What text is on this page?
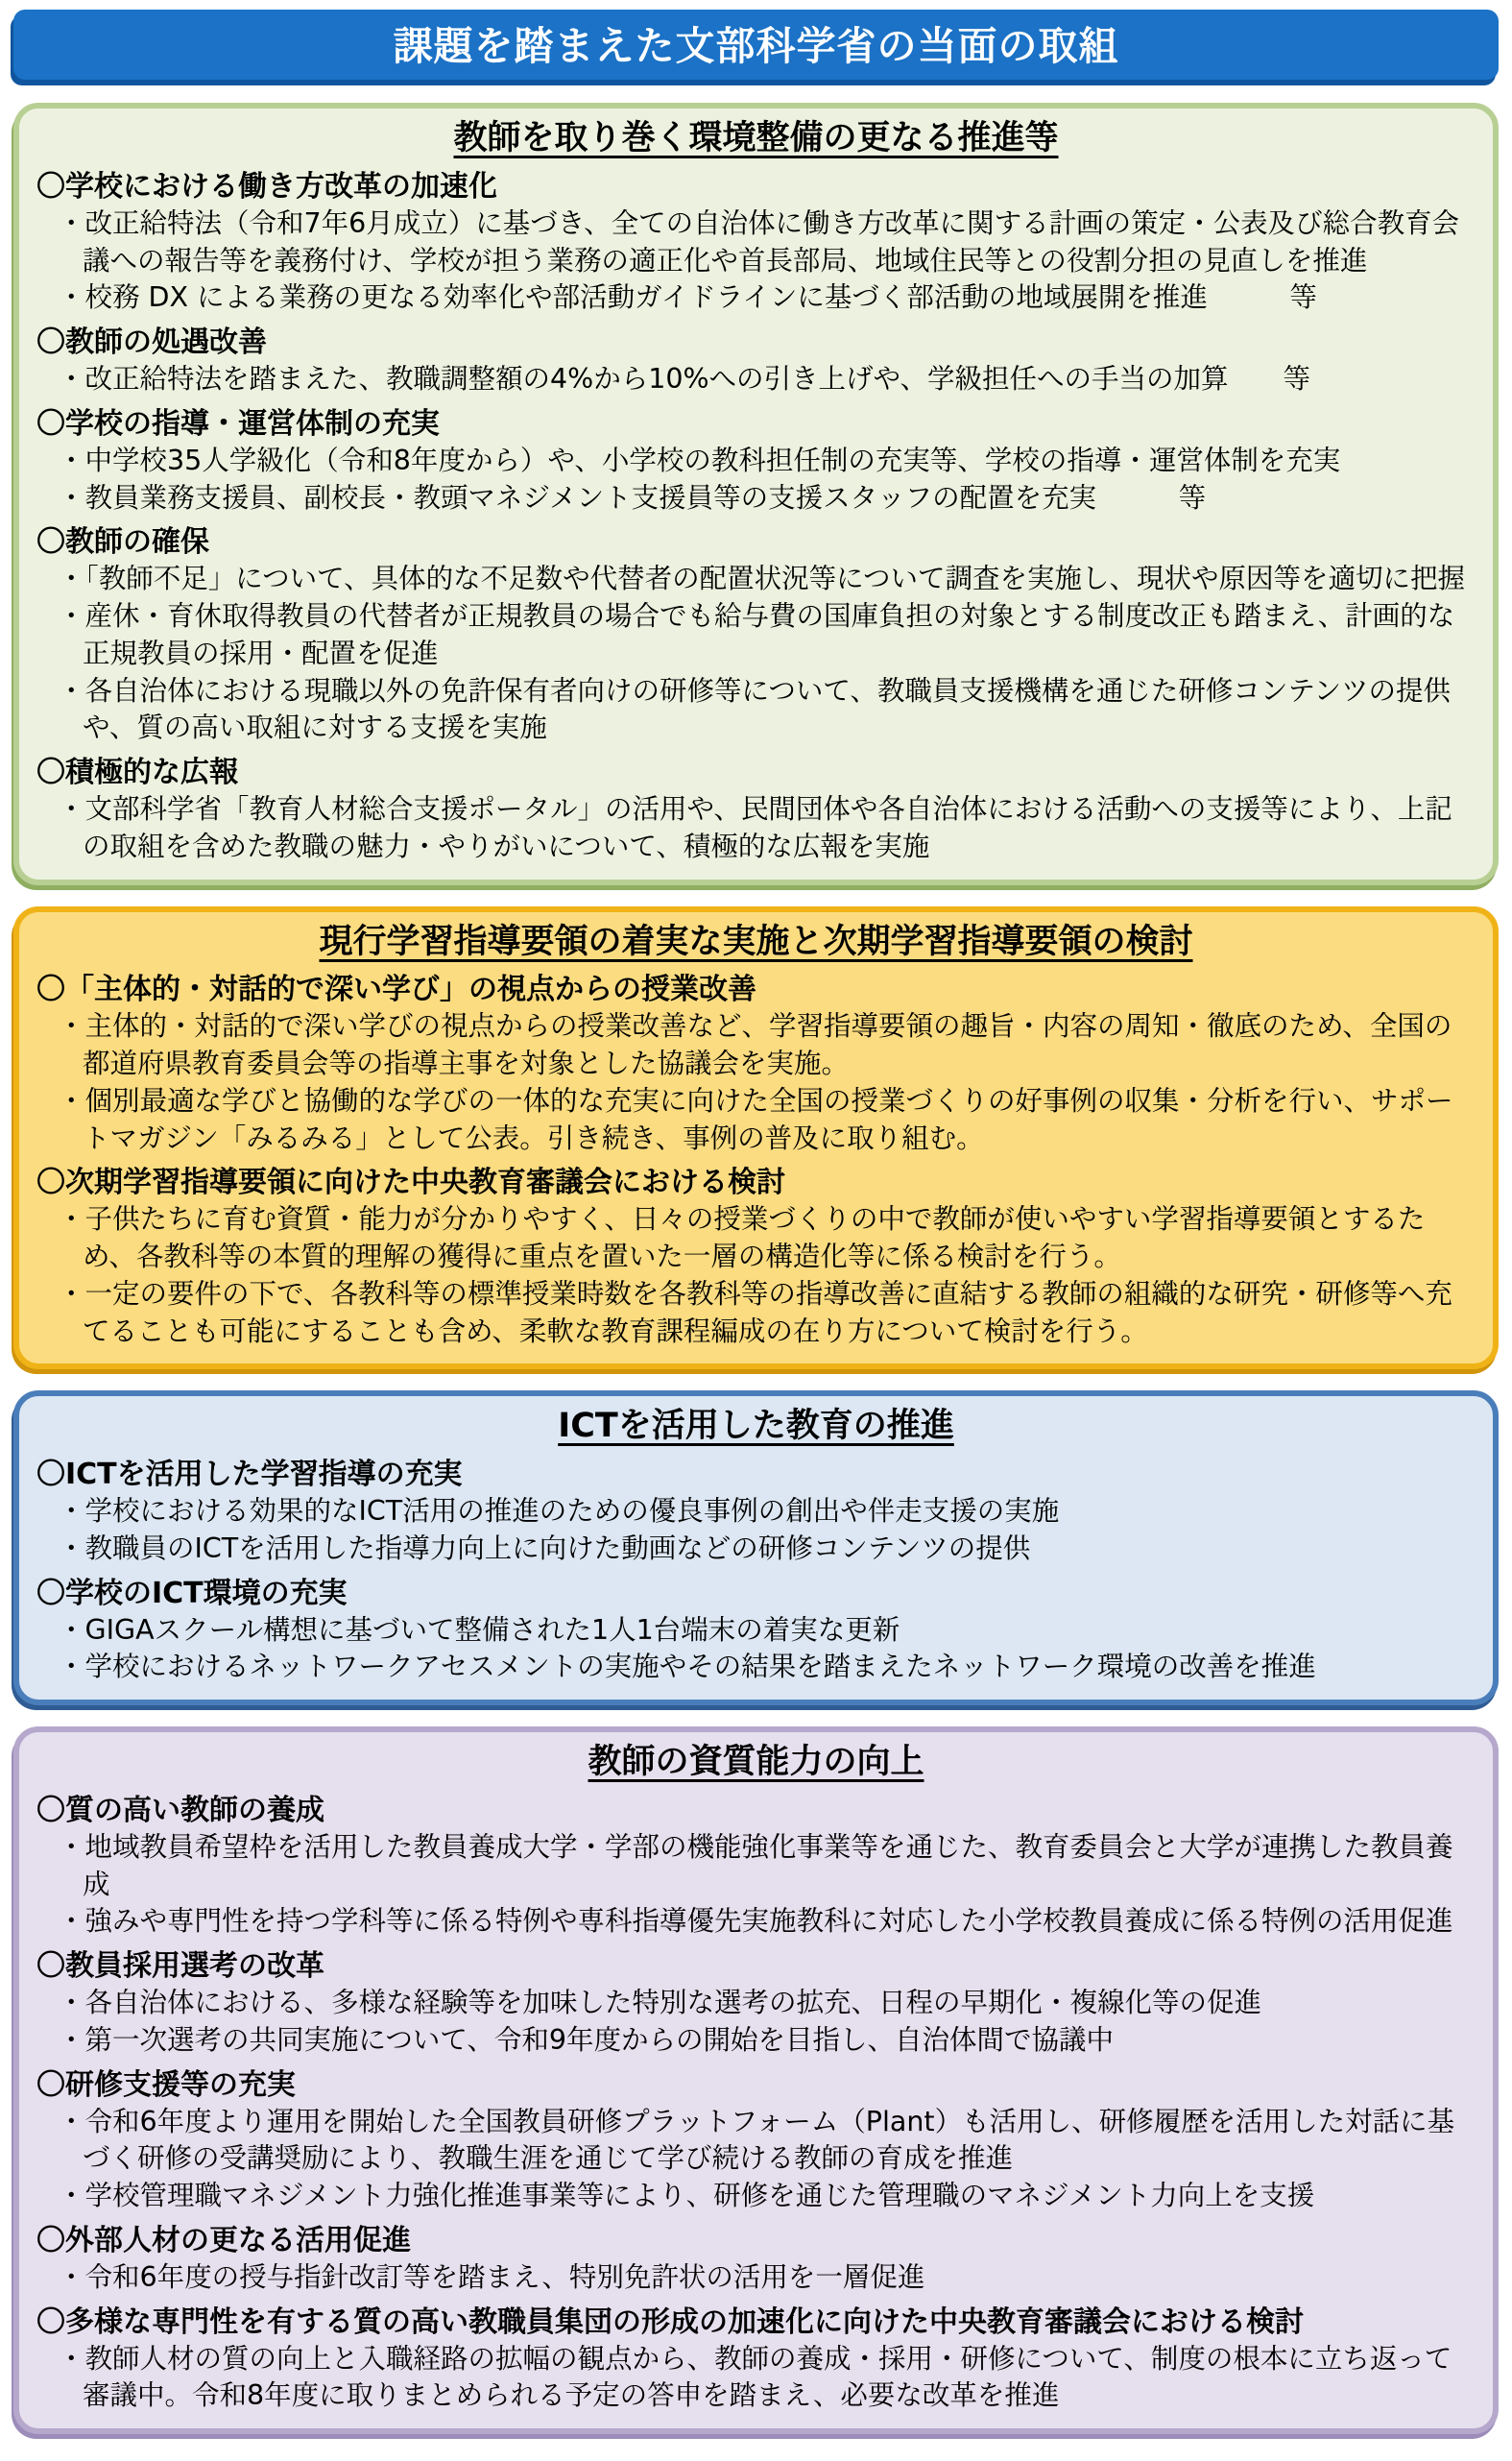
課題を踏まえた文部科学省の当面の取組
教師を取り巻く環境整備の更なる推進等
〇学校における働き方改革の加速化
・改正給特法（令和7年6月成立）に基づき、全ての自治体に働き方改革に関する計画の策定・公表及び総合教育会議への報告等を義務付け、学校が担う業務の適正化や首長部局、地域住民等との役割分担の見直しを推進
・校務 DX による業務の更なる効率化や部活動ガイドラインに基づく部活動の地域展開を推進　　　等
〇教師の処遇改善
・改正給特法を踏まえた、教職調整額の4%から10%への引き上げや、学級担任への手当の加算　　等
〇学校の指導・運営体制の充実
・中学校35人学級化（令和8年度から）や、小学校の教科担任制の充実等、学校の指導・運営体制を充実
・教員業務支援員、副校長・教頭マネジメント支援員等の支援スタッフの配置を充実　　　等
〇教師の確保
・「教師不足」について、具体的な不足数や代替者の配置状況等について調査を実施し、現状や原因等を適切に把握
・産休・育休取得教員の代替者が正規教員の場合でも給与費の国庫負担の対象とする制度改正も踏まえ、計画的な正規教員の採用・配置を促進
・各自治体における現職以外の免許保有者向けの研修等について、教職員支援機構を通じた研修コンテンツの提供や、質の高い取組に対する支援を実施
〇積極的な広報
・文部科学省「教育人材総合支援ポータル」の活用や、民間団体や各自治体における活動への支援等により、上記の取組を含めた教職の魅力・やりがいについて、積極的な広報を実施
現行学習指導要領の着実な実施と次期学習指導要領の検討
〇「主体的・対話的で深い学び」の視点からの授業改善
・主体的・対話的で深い学びの視点からの授業改善など、学習指導要領の趣旨・内容の周知・徹底のため、全国の都道府県教育委員会等の指導主事を対象とした協議会を実施。
・個別最適な学びと協働的な学びの一体的な充実に向けた全国の授業づくりの好事例の収集・分析を行い、サポートマガジン「みるみる」として公表。引き続き、事例の普及に取り組む。
〇次期学習指導要領に向けた中央教育審議会における検討
・子供たちに育む資質・能力が分かりやすく、日々の授業づくりの中で教師が使いやすい学習指導要領とするため、各教科等の本質的理解の獲得に重点を置いた一層の構造化等に係る検討を行う。
・一定の要件の下で、各教科等の標準授業時数を各教科等の指導改善に直結する教師の組織的な研究・研修等へ充てることも可能にすることも含め、柔軟な教育課程編成の在り方について検討を行う。
ICTを活用した教育の推進
〇ICTを活用した学習指導の充実
・学校における効果的なICT活用の推進のための優良事例の創出や伴走支援の実施
・教職員のICTを活用した指導力向上に向けた動画などの研修コンテンツの提供
〇学校のICT環境の充実
・GIGAスクール構想に基づいて整備された1人1台端末の着実な更新
・学校におけるネットワークアセスメントの実施やその結果を踏まえたネットワーク環境の改善を推進
教師の資質能力の向上
〇質の高い教師の養成
・地域教員希望枠を活用した教員養成大学・学部の機能強化事業等を通じた、教育委員会と大学が連携した教員養成
・強みや専門性を持つ学科等に係る特例や専科指導優先実施教科に対応した小学校教員養成に係る特例の活用促進
〇教員採用選考の改革
・各自治体における、多様な経験等を加味した特別な選考の拡充、日程の早期化・複線化等の促進
・第一次選考の共同実施について、令和9年度からの開始を目指し、自治体間で協議中
〇研修支援等の充実
・令和6年度より運用を開始した全国教員研修プラットフォーム（Plant）も活用し、研修履歴を活用した対話に基づく研修の受講奨励により、教職生涯を通じて学び続ける教師の育成を推進
・学校管理職マネジメント力強化推進事業等により、研修を通じた管理職のマネジメント力向上を支援
〇外部人材の更なる活用促進
・令和6年度の授与指針改訂等を踏まえ、特別免許状の活用を一層促進
〇多様な専門性を有する質の高い教職員集団の形成の加速化に向けた中央教育審議会における検討
・教師人材の質の向上と入職経路の拡幅の観点から、教師の養成・採用・研修について、制度の根本に立ち返って審議中。令和8年度に取りまとめられる予定の答申を踏まえ、必要な改革を推進
